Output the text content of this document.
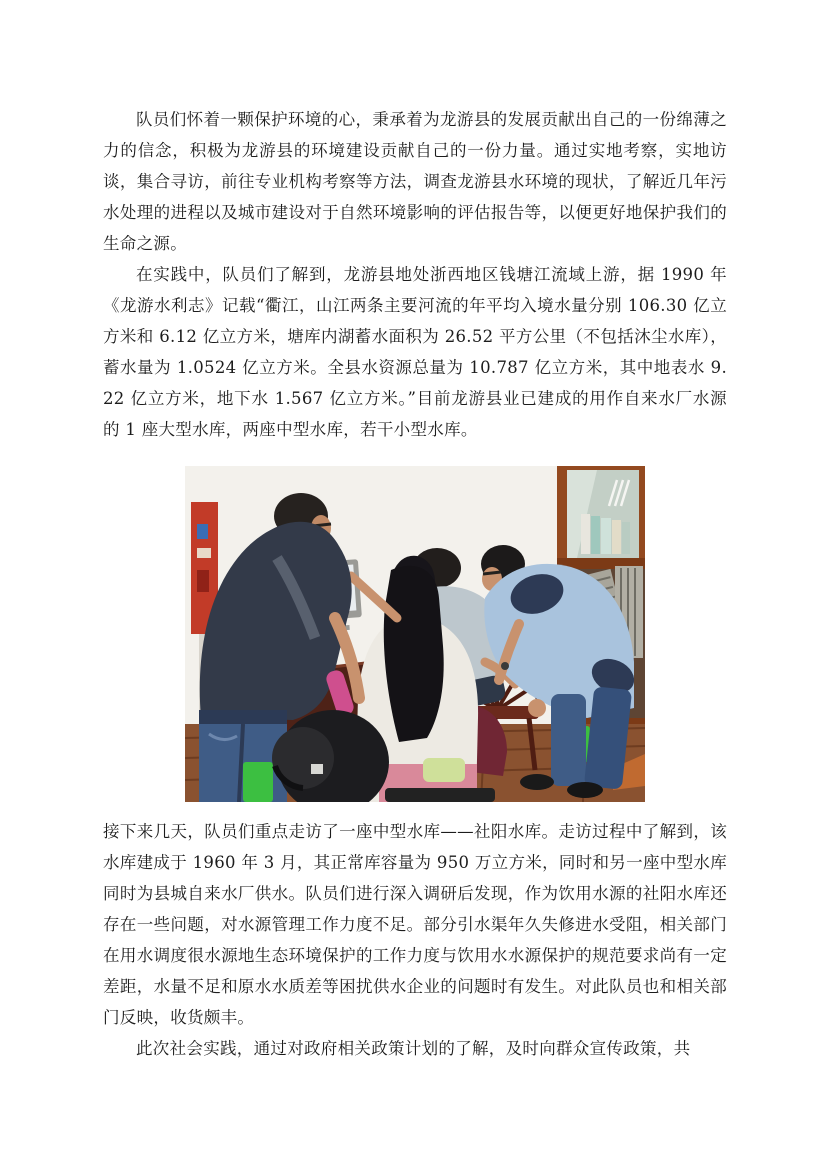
队员们怀着一颗保护环境的心，秉承着为龙游县的发展贡献出自己的一份绵薄之力的信念，积极为龙游县的环境建设贡献自己的一份力量。通过实地考察，实地访谈，集合寻访，前往专业机构考察等方法，调查龙游县水环境的现状，了解近几年污水处理的进程以及城市建设对于自然环境影响的评估报告等，以便更好地保护我们的生命之源。

在实践中，队员们了解到，龙游县地处浙西地区钱塘江流域上游，据 1990 年《龙游水利志》记载“衢江，山江两条主要河流的年平均入境水量分别 106.30 亿立方米和 6.12 亿立方米，塘库内湖蓄水面积为 26.52 平方公里（不包括沐尘水库），蓄水量为 1.0524 亿立方米。全县水资源总量为 10.787 亿立方米，其中地表水 9.22 亿立方米，地下水 1.567 亿立方米。”目前龙游县业已建成的用作自来水厂水源的 1 座大型水库，两座中型水库，若干小型水库。

接下来几天，队员们重点走访了一座中型水库——社阳水库。走访过程中了解到，该水库建成于 1960 年 3 月，其正常库容量为 950 万立方米，同时和另一座中型水库同时为县城自来水厂供水。队员们进行深入调研后发现，作为饮用水源的社阳水库还存在一些问题，对水源管理工作力度不足。部分引水渠年久失修进水受阻，相关部门在用水调度很水源地生态环境保护的工作力度与饮用水水源保护的规范要求尚有一定差距，水量不足和原水水质差等困扰供水企业的问题时有发生。对此队员也和相关部门反映，收货颇丰。

此次社会实践，通过对政府相关政策计划的了解，及时向群众宣传政策，共
